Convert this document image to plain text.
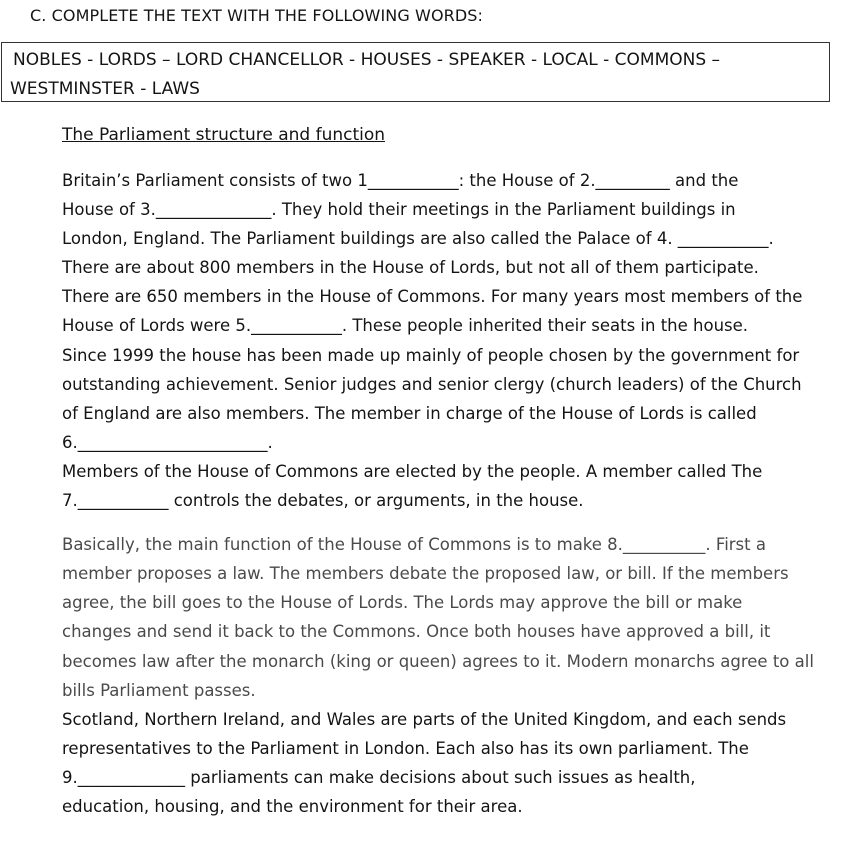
C. COMPLETE THE TEXT WITH THE FOLLOWING WORDS:
NOBLES - LORDS – LORD CHANCELLOR - HOUSES - SPEAKER - LOCAL - COMMONS –
WESTMINSTER - LAWS
The Parliament structure and function
Britain’s Parliament consists of two 1___________: the House of 2._________ and the
House of 3.______________. They hold their meetings in the Parliament buildings in
London, England. The Parliament buildings are also called the Palace of 4. ___________.
There are about 800 members in the House of Lords, but not all of them participate.
There are 650 members in the House of Commons. For many years most members of the
House of Lords were 5.___________. These people inherited their seats in the house.
Since 1999 the house has been made up mainly of people chosen by the government for
outstanding achievement. Senior judges and senior clergy (church leaders) of the Church
of England are also members. The member in charge of the House of Lords is called
6._______________________.
Members of the House of Commons are elected by the people. A member called The
7.___________ controls the debates, or arguments, in the house.
Basically, the main function of the House of Commons is to make 8.__________. First a
member proposes a law. The members debate the proposed law, or bill. If the members
agree, the bill goes to the House of Lords. The Lords may approve the bill or make
changes and send it back to the Commons. Once both houses have approved a bill, it
becomes law after the monarch (king or queen) agrees to it. Modern monarchs agree to all
bills Parliament passes.
Scotland, Northern Ireland, and Wales are parts of the United Kingdom, and each sends
representatives to the Parliament in London. Each also has its own parliament. The
9._____________ parliaments can make decisions about such issues as health,
education, housing, and the environment for their area.
